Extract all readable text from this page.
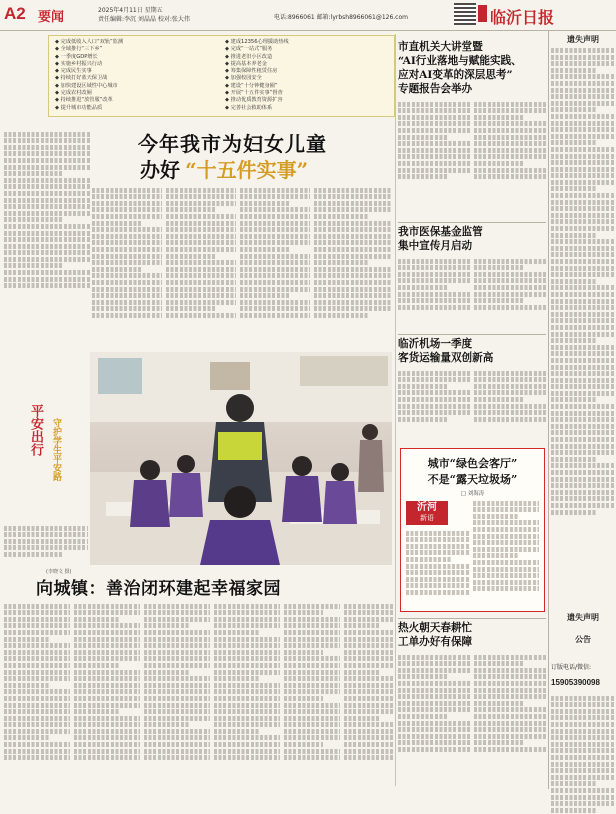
A2 要闻	2025年4月11日 星期五
责任编辑:李沉 刘晶晶 校对:张大伟	电话:8966061 邮箱:lyrbsh8966061@126.com	临沂日报
遗失声明
遗失声明
公告
订版电话/微信:
15905390098
◆ 完成低收入人口“双轨”监测
◆ 全域推行“三下乡”
◆ 一季度GDP增长
◆ 实施乡村振兴行动
◆ 完成民生实事
◆ 持续打好蓝天保卫战
◆ 加快建设区域性中心城市
◆ 完成农村改厕
◆ 持续推进“放管服”改革
◆ 提升城市功能品质
◆ 建成12356心理援助热线
◆ 完成“一站式”服务
◆ 推进老旧小区改造
◆ 提高基本养老金
◆ 筹集保障性租赁住房
◆ 加强校园安全
◆ 建设“十分钟健身圈”
◆ 开展“十五件实事”督查
◆ 推动优质教育资源扩容
◆ 完善社会救助体系
今年我市为妇女儿童
办好 “十五件实事”
平安出行 守护学生平安路
(李晓文 摄)
向城镇：善治闭环建起幸福家园
市直机关大讲堂暨
“AI行业落地与赋能实践、
应对AI变革的深层思考”
专题报告会举办
我市医保基金监管
集中宣传月启动
临沂机场一季度
客货运输量双创新高
城市“绿色会客厅”
不是“露天垃圾场”
□ 刘海涛
沂河
新语
热火朝天春耕忙
工单办好有保障
